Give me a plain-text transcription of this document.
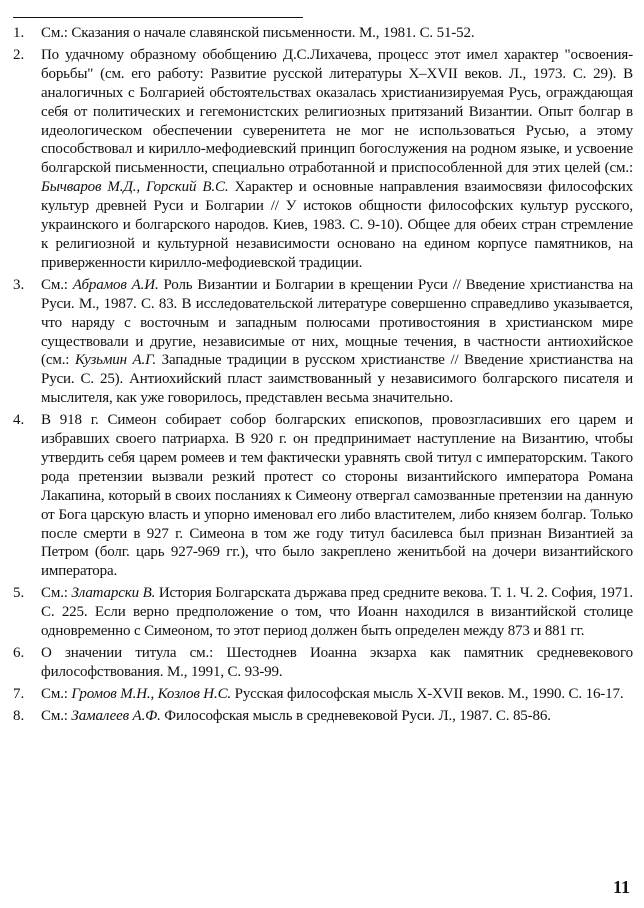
1.	См.: Сказания о начале славянской письменности. М., 1981. С. 51-52.
2.	По удачному образному обобщению Д.С.Лихачева, процесс этот имел характер "освоения-борьбы" (см. его работу: Развитие русской литературы X–XVII веков. Л., 1973. С. 29). В аналогичных с Болгарией обстоятельствах оказалась христианизируемая Русь, ограждающая себя от политических и гегемонистских религиозных притязаний Византии. Опыт болгар в идеологическом обеспечении суверенитета не мог не использоваться Русью, а этому способствовал и кирилло-мефодиевский принцип богослужения на родном языке, и усвоение болгарской письменности, специально отработанной и приспособленной для этих целей (см.: Бычваров М.Д., Горский В.С. Характер и основные направления взаимосвязи философских культур древней Руси и Болгарии // У истоков общности философских культур русского, украинского и болгарского народов. Киев, 1983. С. 9-10). Общее для обеих стран стремление к религиозной и культурной независимости основано на едином корпусе памятников, на приверженности кирилло-мефодиевской традиции.
3.	См.: Абрамов А.И. Роль Византии и Болгарии в крещении Руси // Введение христианства на Руси. М., 1987. С. 83. В исследовательской литературе совершенно справедливо указывается, что наряду с восточным и западным полюсами противостояния в христианском мире существовали и другие, независимые от них, мощные течения, в частности антиохийское (см.: Кузьмин А.Г. Западные традиции в русском христианстве // Введение христианства на Руси. С. 25). Антиохийский пласт заимствованный у независимого болгарского писателя и мыслителя, как уже говорилось, представлен весьма значительно.
4.	В 918 г. Симеон собирает собор болгарских епископов, провозгласивших его царем и избравших своего патриарха. В 920 г. он предпринимает наступление на Византию, чтобы утвердить себя царем ромеев и тем фактически уравнять свой титул с императорским. Такого рода претензии вызвали резкий протест со стороны византийского императора Романа Лакапина, который в своих посланиях к Симеону отвергал самозванные претензии на данную от Бога царскую власть и упорно именовал его либо властителем, либо князем болгар. Только после смерти в 927 г. Симеона в том же году титул басилевса был признан Византией за Петром (болг. царь 927-969 гг.), что было закреплено женитьбой на дочери византийского императора.
5.	См.: Златарски В. История Болгарската държава пред средните векова. Т. 1. Ч. 2. София, 1971. С. 225. Если верно предположение о том, что Иоанн находился в византийской столице одновременно с Симеоном, то этот период должен быть определен между 873 и 881 гг.
6.	О значении титула см.: Шестоднев Иоанна экзарха как памятник средневекового философствования. М., 1991, С. 93-99.
7.	См.: Громов М.Н., Козлов Н.С. Русская философская мысль X-XVII веков. М., 1990. С. 16-17.
8.	См.: Замалеев А.Ф. Философская мысль в средневековой Руси. Л., 1987. С. 85-86.
11
